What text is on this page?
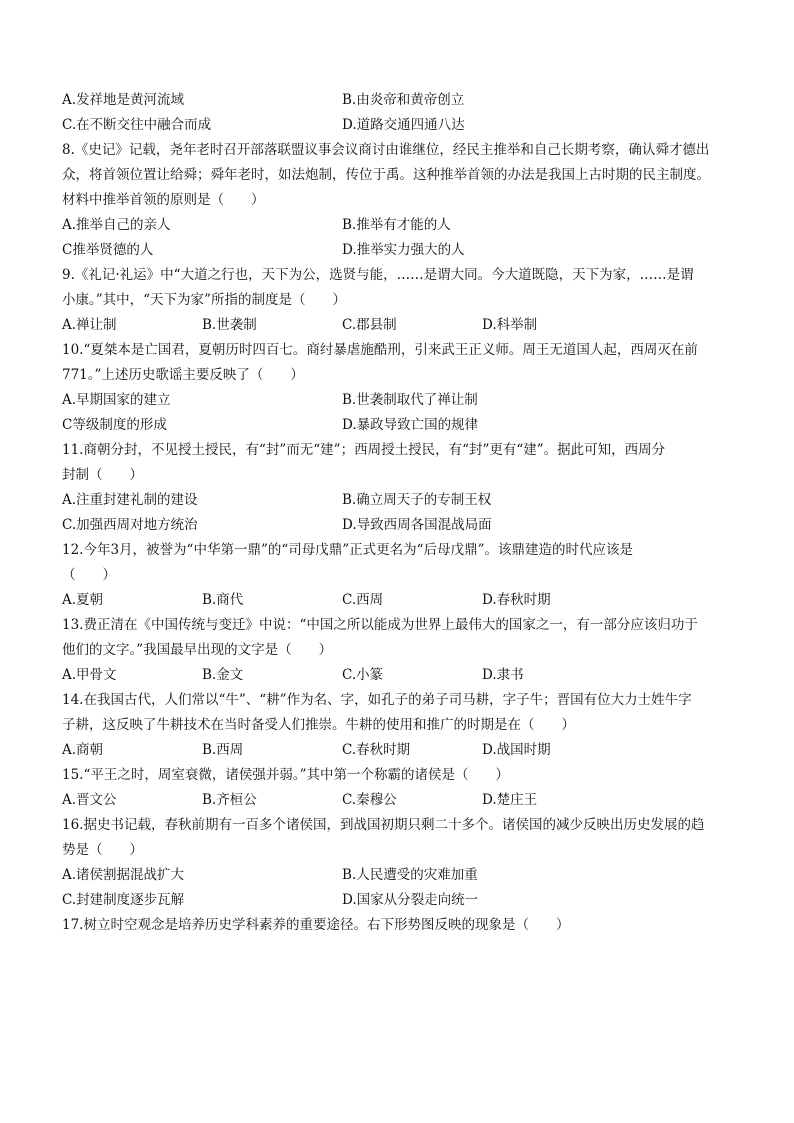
A.发祥地是黄河流域	B.由炎帝和黄帝创立
C.在不断交往中融合而成	D.道路交通四通八达
8.《史记》记载，尧年老时召开部落联盟议事会议商讨由谁继位，经民主推举和自己长期考察，确认舜才德出
众，将首领位置让给舜；舜年老时，如法炮制，传位于禹。这种推举首领的办法是我国上古时期的民主制度。
材料中推举首领的原则是（　　）
A.推举自己的亲人	B.推举有才能的人
C推举贤德的人	D.推举实力强大的人
9.《礼记·礼运》中“大道之行也，天下为公，选贤与能，……是谓大同。今大道既隐，天下为家，……是谓
小康。”其中，“天下为家”所指的制度是（　　）
A.禅让制	B.世袭制	C.郡县制	D.科举制
10.“夏桀本是亡国君，夏朝历时四百七。商纣暴虐施酷刑，引来武王正义师。周王无道国人起，西周灭在前
771。”上述历史歌谣主要反映了（　　）
A.早期国家的建立	B.世袭制取代了禅让制
C等级制度的形成	D.暴政导致亡国的规律
11.商朝分封，不见授土授民，有“封”而无“建”；西周授土授民，有“封”更有“建”。据此可知，西周分
封制（　　）
A.注重封建礼制的建设	B.确立周天子的专制王权
C.加强西周对地方统治	D.导致西周各国混战局面
12.今年3月，被誉为“中华第一鼎”的“司母戊鼎”正式更名为“后母戊鼎”。该鼎建造的时代应该是
（　　）
A.夏朝	B.商代	C.西周	D.春秋时期
13.费正清在《中国传统与变迁》中说：“中国之所以能成为世界上最伟大的国家之一，有一部分应该归功于
他们的文字。”我国最早出现的文字是（　　）
A.甲骨文	B.金文	C.小篆	D.隶书
14.在我国古代，人们常以“牛”、“耕”作为名、字，如孔子的弟子司马耕，字子牛；晋国有位大力士姓牛字
子耕，这反映了牛耕技术在当时备受人们推崇。牛耕的使用和推广的时期是在（　　）
A.商朝	B.西周	C.春秋时期	D.战国时期
15.“平王之时，周室衰微，诸侯强并弱。”其中第一个称霸的诸侯是（　　）
A.晋文公	B.齐桓公	C.秦穆公	D.楚庄王
16.据史书记载，春秋前期有一百多个诸侯国，到战国初期只剩二十多个。诸侯国的减少反映出历史发展的趋
势是（　　）
A.诸侯割据混战扩大	B.人民遭受的灾难加重
C.封建制度逐步瓦解	D.国家从分裂走向统一
17.树立时空观念是培养历史学科素养的重要途径。右下形势图反映的现象是（　　）
